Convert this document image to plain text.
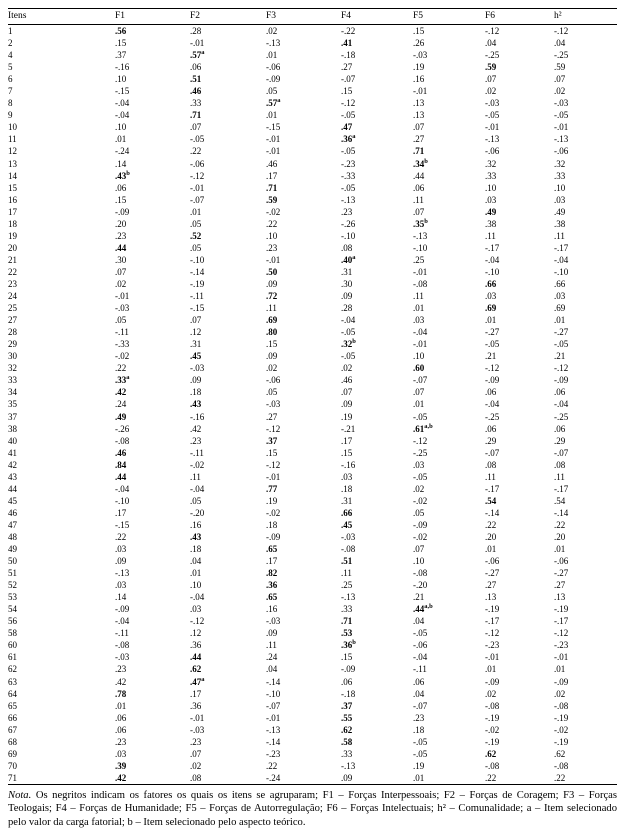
Itens	F1	F2	F3	F4	F5	F6	h²
1	.56	.28	.02	-.22	.15	-.12	-.12
2	.15	-.01	-.13	.41	.26	.04	.04
4	.37	.57$^a$	.01	-.18	-.03	-.25	-.25
5	-.16	.06	-.06	.27	.19	.59	.59
6	.10	.51	-.09	-.07	.16	.07	.07
7	-.15	.46	.05	.15	-.01	.02	.02
8	-.04	.33	.57$^a$	-.12	.13	-.03	-.03
9	-.04	.71	.01	-.05	.13	-.05	-.05
10	.10	.07	-.15	.47	.07	-.01	-.01
11	.01	-.05	-.01	.36$^a$	.27	-.13	-.13
12	-.24	.22	-.01	-.05	.71	-.06	-.06
13	.14	-.06	.46	-.23	.34$^b$	.32	.32
14	.43$^b$	-.12	.17	-.33	.44	.33	.33
15	.06	-.01	.71	-.05	.06	.10	.10
16	.15	-.07	.59	-.13	.11	.03	.03
17	-.09	.01	-.02	.23	.07	.49	.49
18	.20	.05	.22	-.26	.35$^b$	.38	.38
19	.23	.52	.10	-.10	-.13	.11	.11
20	.44	.05	.23	.08	-.10	-.17	-.17
21	.30	-.10	-.01	.40$^a$	.25	-.04	-.04
22	.07	-.14	.50	.31	-.01	-.10	-.10
23	.02	-.19	.09	.30	-.08	.66	.66
24	-.01	-.11	.72	.09	.11	.03	.03
25	-.03	-.15	.11	.28	.01	.69	.69
27	.05	.07	.69	-.04	.03	.01	.01
28	-.11	.12	.80	-.05	-.04	-.27	-.27
29	-.33	.31	.15	.32$^b$	-.01	-.05	-.05
30	-.02	.45	.09	-.05	.10	.21	.21
32	.22	-.03	.02	.02	.60	-.12	-.12
33	.33$^a$	.09	-.06	.46	-.07	-.09	-.09
34	.42	.18	.05	.07	.07	.06	.06
35	.24	.43	-.03	.09	.01	-.04	-.04
37	.49	-.16	.27	.19	-.05	-.25	-.25
38	-.26	.42	-.12	-.21	.61$^{a,b}$	.06	.06
40	-.08	.23	.37	.17	-.12	.29	.29
41	.46	-.11	.15	.15	-.25	-.07	-.07
42	.84	-.02	-.12	-.16	.03	.08	.08
43	.44	.11	-.01	.03	-.05	.11	.11
44	-.04	-.04	.77	.18	.02	-.17	-.17
45	-.10	.05	.19	.31	-.02	.54	.54
46	.17	-.20	-.02	.66	.05	-.14	-.14
47	-.15	.16	.18	.45	-.09	.22	.22
48	.22	.43	-.09	-.03	-.02	.20	.20
49	.03	.18	.65	-.08	.07	.01	.01
50	.09	.04	.17	.51	.10	-.06	-.06
51	-.13	.01	.82	.11	-.08	-.27	-.27
52	.03	.10	.36	.25	-.20	.27	.27
53	.14	-.04	.65	-.13	.21	.13	.13
54	-.09	.03	.16	.33	.44$^{a,b}$	-.19	-.19
56	-.04	-.12	-.03	.71	.04	-.17	-.17
58	-.11	.12	.09	.53	-.05	-.12	-.12
60	-.08	.36	.11	.36$^b$	-.06	-.23	-.23
61	-.03	.44	.24	.15	-.04	-.01	-.01
62	.23	.62	.04	-.09	-.11	.01	.01
63	.42	.47$^a$	-.14	.06	.06	-.09	-.09
64	.78	.17	-.10	-.18	.04	.02	.02
65	.01	.36	-.07	.37	-.07	-.08	-.08
66	.06	-.01	-.01	.55	.23	-.19	-.19
67	.06	-.03	-.13	.62	.18	-.02	-.02
68	.23	.23	-.14	.58	-.05	-.19	-.19
69	.03	.07	-.23	.33	-.05	.62	.62
70	.39	.02	.22	-.13	.19	-.08	-.08
71	.42	.08	-.24	.09	.01	.22	.22

Nota. Os negritos indicam os fatores os quais os itens se agruparam; F1 – Forças Interpessoais; F2 – Forças de Coragem; F3 – Forças Teologais; F4 – Forças de Humanidade; F5 – Forças de Autorregulação; F6 – Forças Intelectuais; h² – Comunalidade; a – Item selecionado pelo valor da carga fatorial; b – Item selecionado pelo aspecto teórico.
